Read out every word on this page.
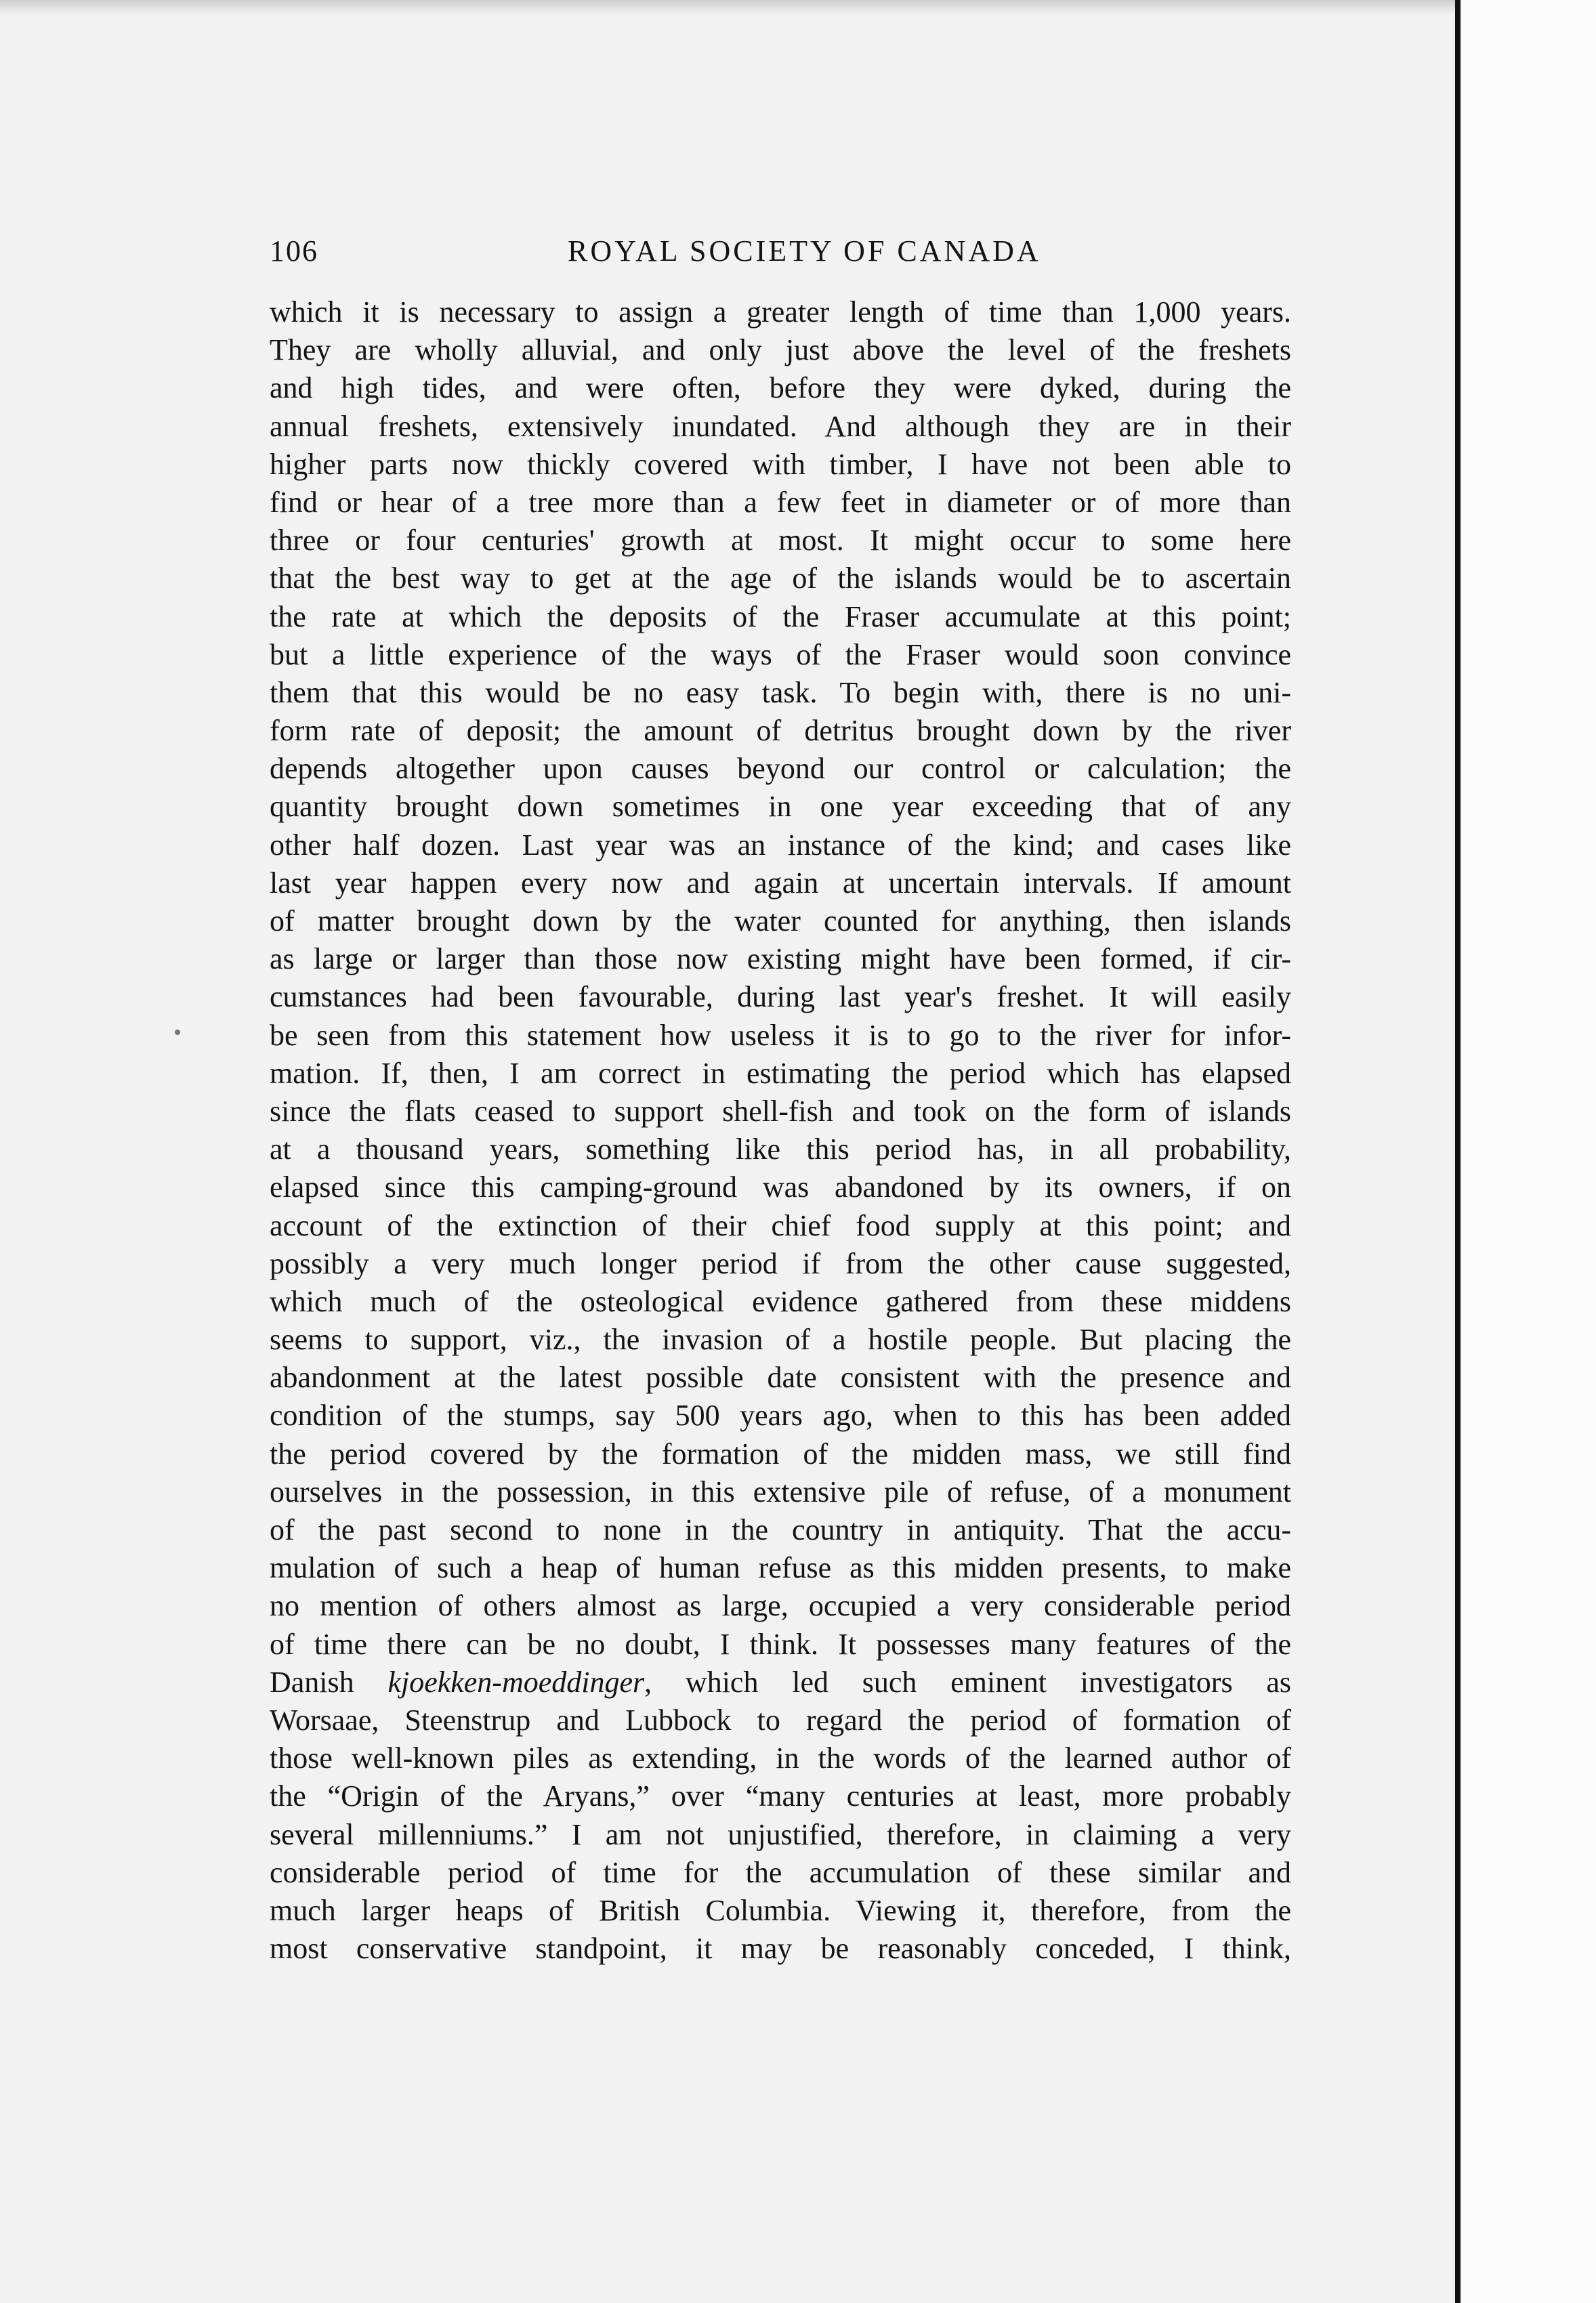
106	ROYAL SOCIETY OF CANADA
which it is necessary to assign a greater length of time than 1,000 years.
They are wholly alluvial, and only just above the level of the freshets
and high tides, and were often, before they were dyked, during the
annual freshets, extensively inundated. And although they are in their
higher parts now thickly covered with timber, I have not been able to
find or hear of a tree more than a few feet in diameter or of more than
three or four centuries' growth at most. It might occur to some here
that the best way to get at the age of the islands would be to ascertain
the rate at which the deposits of the Fraser accumulate at this point;
but a little experience of the ways of the Fraser would soon convince
them that this would be no easy task. To begin with, there is no uni-
form rate of deposit; the amount of detritus brought down by the river
depends altogether upon causes beyond our control or calculation; the
quantity brought down sometimes in one year exceeding that of any
other half dozen. Last year was an instance of the kind; and cases like
last year happen every now and again at uncertain intervals. If amount
of matter brought down by the water counted for anything, then islands
as large or larger than those now existing might have been formed, if cir-
cumstances had been favourable, during last year's freshet. It will easily
be seen from this statement how useless it is to go to the river for infor-
mation. If, then, I am correct in estimating the period which has elapsed
since the flats ceased to support shell-fish and took on the form of islands
at a thousand years, something like this period has, in all probability,
elapsed since this camping-ground was abandoned by its owners, if on
account of the extinction of their chief food supply at this point; and
possibly a very much longer period if from the other cause suggested,
which much of the osteological evidence gathered from these middens
seems to support, viz., the invasion of a hostile people. But placing the
abandonment at the latest possible date consistent with the presence and
condition of the stumps, say 500 years ago, when to this has been added
the period covered by the formation of the midden mass, we still find
ourselves in the possession, in this extensive pile of refuse, of a monument
of the past second to none in the country in antiquity. That the accu-
mulation of such a heap of human refuse as this midden presents, to make
no mention of others almost as large, occupied a very considerable period
of time there can be no doubt, I think. It possesses many features of the
Danish kjoekken-moeddinger, which led such eminent investigators as
Worsaae, Steenstrup and Lubbock to regard the period of formation of
those well-known piles as extending, in the words of the learned author of
the “Origin of the Aryans,” over “many centuries at least, more probably
several millenniums.” I am not unjustified, therefore, in claiming a very
considerable period of time for the accumulation of these similar and
much larger heaps of British Columbia. Viewing it, therefore, from the
most conservative standpoint, it may be reasonably conceded, I think,
